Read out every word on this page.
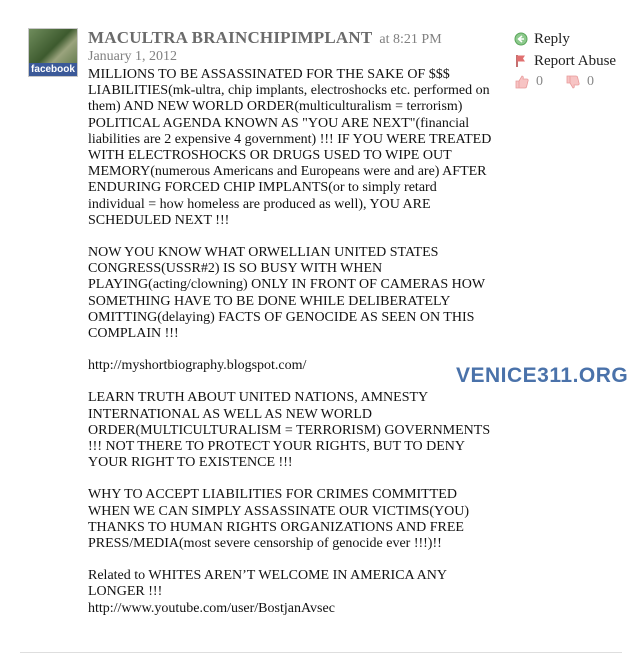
facebook
MACULTRA BRAINCHIPIMPLANT at 8:21 PM
January 1, 2012

MILLIONS TO BE ASSASSINATED FOR THE SAKE OF $$$ LIABILITIES(mk-ultra, chip implants, electroshocks etc. performed on them) AND NEW WORLD ORDER(multiculturalism = terrorism) POLITICAL AGENDA KNOWN AS "YOU ARE NEXT"(financial liabilities are 2 expensive 4 government) !!! IF YOU WERE TREATED WITH ELECTROSHOCKS OR DRUGS USED TO WIPE OUT MEMORY(numerous Americans and Europeans were and are) AFTER ENDURING FORCED CHIP IMPLANTS(or to simply retard individual = how homeless are produced as well), YOU ARE SCHEDULED NEXT !!!

NOW YOU KNOW WHAT ORWELLIAN UNITED STATES CONGRESS(USSR#2) IS SO BUSY WITH WHEN PLAYING(acting/clowning) ONLY IN FRONT OF CAMERAS HOW SOMETHING HAVE TO BE DONE WHILE DELIBERATELY OMITTING(delaying) FACTS OF GENOCIDE AS SEEN ON THIS COMPLAIN !!!

http://myshortbiography.blogspot.com/

LEARN TRUTH ABOUT UNITED NATIONS, AMNESTY INTERNATIONAL AS WELL AS NEW WORLD ORDER(MULTICULTURALISM = TERRORISM) GOVERNMENTS !!! NOT THERE TO PROTECT YOUR RIGHTS, BUT TO DENY YOUR RIGHT TO EXISTENCE !!!

WHY TO ACCEPT LIABILITIES FOR CRIMES COMMITTED WHEN WE CAN SIMPLY ASSASSINATE OUR VICTIMS(YOU) THANKS TO HUMAN RIGHTS ORGANIZATIONS AND FREE PRESS/MEDIA(most severe censorship of genocide ever !!!)!!

Related to WHITES AREN’T WELCOME IN AMERICA ANY LONGER !!!
http://www.youtube.com/user/BostjanAvsec

Reply
Report Abuse
0	0
VENICE311.ORG
